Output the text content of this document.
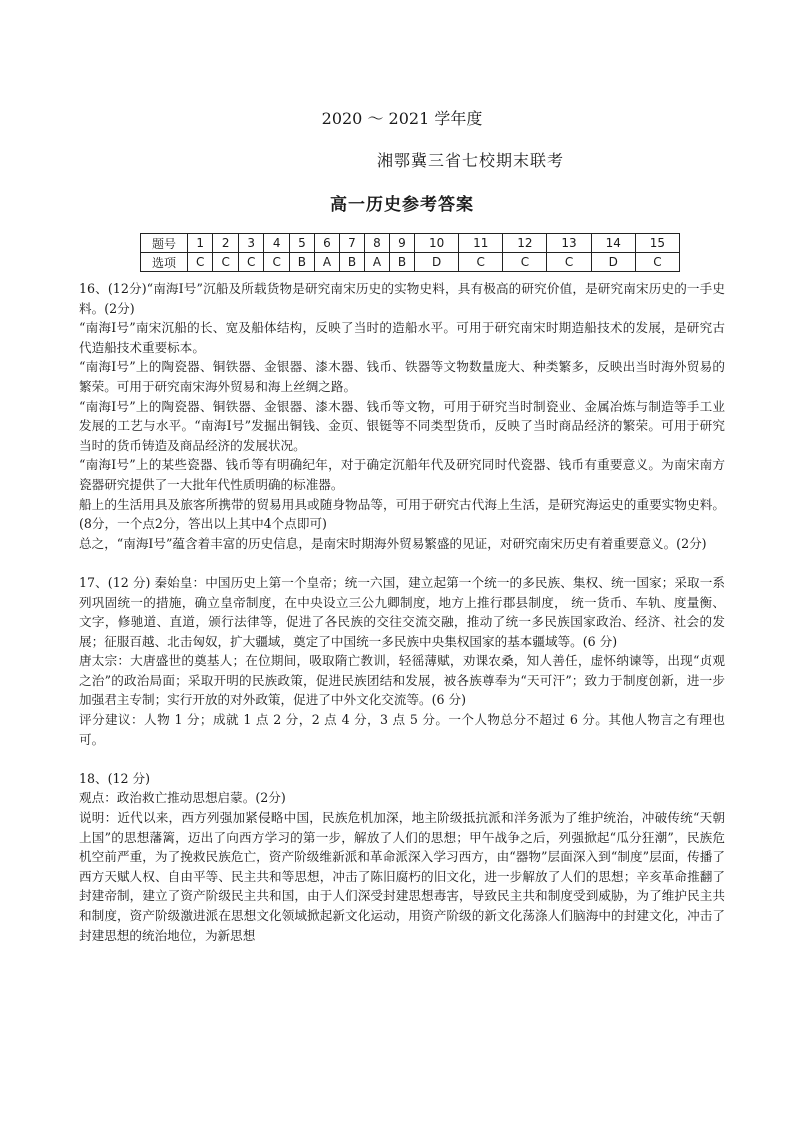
2020 ～ 2021 学年度
湘鄂冀三省七校期末联考
高一历史参考答案
题号	1	2	3	4	5	6	7	8	9	10	11	12	13	14	15
选项	C	C	C	C	B	A	B	A	B	D	C	C	C	D	C

16、(12分)“南海Ⅰ号”沉船及所载货物是研究南宋历史的实物史料，具有极高的研究价值，是研究南宋历史的一手史料。(2分)

“南海Ⅰ号”南宋沉船的长、宽及船体结构，反映了当时的造船水平。可用于研究南宋时期造船技术的发展，是研究古代造船技术重要标本。

“南海Ⅰ号”上的陶瓷器、铜铁器、金银器、漆木器、钱币、铁器等文物数量庞大、种类繁多，反映出当时海外贸易的繁荣。可用于研究南宋海外贸易和海上丝绸之路。

“南海Ⅰ号”上的陶瓷器、铜铁器、金银器、漆木器、钱币等文物，可用于研究当时制瓷业、金属冶炼与制造等手工业发展的工艺与水平。“南海Ⅰ号”发掘出铜钱、金页、银铤等不同类型货币，反映了当时商品经济的繁荣。可用于研究当时的货币铸造及商品经济的发展状况。

“南海Ⅰ号”上的某些瓷器、钱币等有明确纪年，对于确定沉船年代及研究同时代瓷器、钱币有重要意义。为南宋南方瓷器研究提供了一大批年代性质明确的标准器。

船上的生活用具及旅客所携带的贸易用具或随身物品等，可用于研究古代海上生活，是研究海运史的重要实物史料。(8分，一个点2分，答出以上其中4个点即可)

总之，“南海Ⅰ号”蕴含着丰富的历史信息，是南宋时期海外贸易繁盛的见证，对研究南宋历史有着重要意义。(2分)

17、(12 分) 秦始皇：中国历史上第一个皇帝；统一六国，建立起第一个统一的多民族、集权、统一国家；采取一系列巩固统一的措施，确立皇帝制度，在中央设立三公九卿制度，地方上推行郡县制度， 统一货币、车轨、度量衡、文字，修驰道、直道，颁行法律等，促进了各民族的交往交流交融，推动了统一多民族国家政治、经济、社会的发展；征服百越、北击匈奴，扩大疆域，奠定了中国统一多民族中央集权国家的基本疆域等。(6 分)

唐太宗：大唐盛世的奠基人；在位期间，吸取隋亡教训，轻徭薄赋，劝课农桑，知人善任，虚怀纳谏等，出现“贞观之治”的政治局面；采取开明的民族政策，促进民族团结和发展，被各族尊奉为“天可汗”；致力于制度创新，进一步加强君主专制；实行开放的对外政策，促进了中外文化交流等。(6 分)

评分建议：人物 1 分；成就 1 点 2 分，2 点 4 分，3 点 5 分。一个人物总分不超过 6 分。其他人物言之有理也可。

18、(12 分)

观点：政治救亡推动思想启蒙。(2分)

说明：近代以来，西方列强加紧侵略中国，民族危机加深，地主阶级抵抗派和洋务派为了维护统治，冲破传统“天朝上国”的思想藩篱，迈出了向西方学习的第一步，解放了人们的思想；甲午战争之后，列强掀起“瓜分狂潮”，民族危机空前严重，为了挽救民族危亡，资产阶级维新派和革命派深入学习西方，由“器物”层面深入到“制度”层面，传播了西方天赋人权、自由平等、民主共和等思想，冲击了陈旧腐朽的旧文化，进一步解放了人们的思想；辛亥革命推翻了封建帝制，建立了资产阶级民主共和国，由于人们深受封建思想毒害，导致民主共和制度受到威胁，为了维护民主共和制度，资产阶级激进派在思想文化领域掀起新文化运动，用资产阶级的新文化荡涤人们脑海中的封建文化，冲击了封建思想的统治地位，为新思想
